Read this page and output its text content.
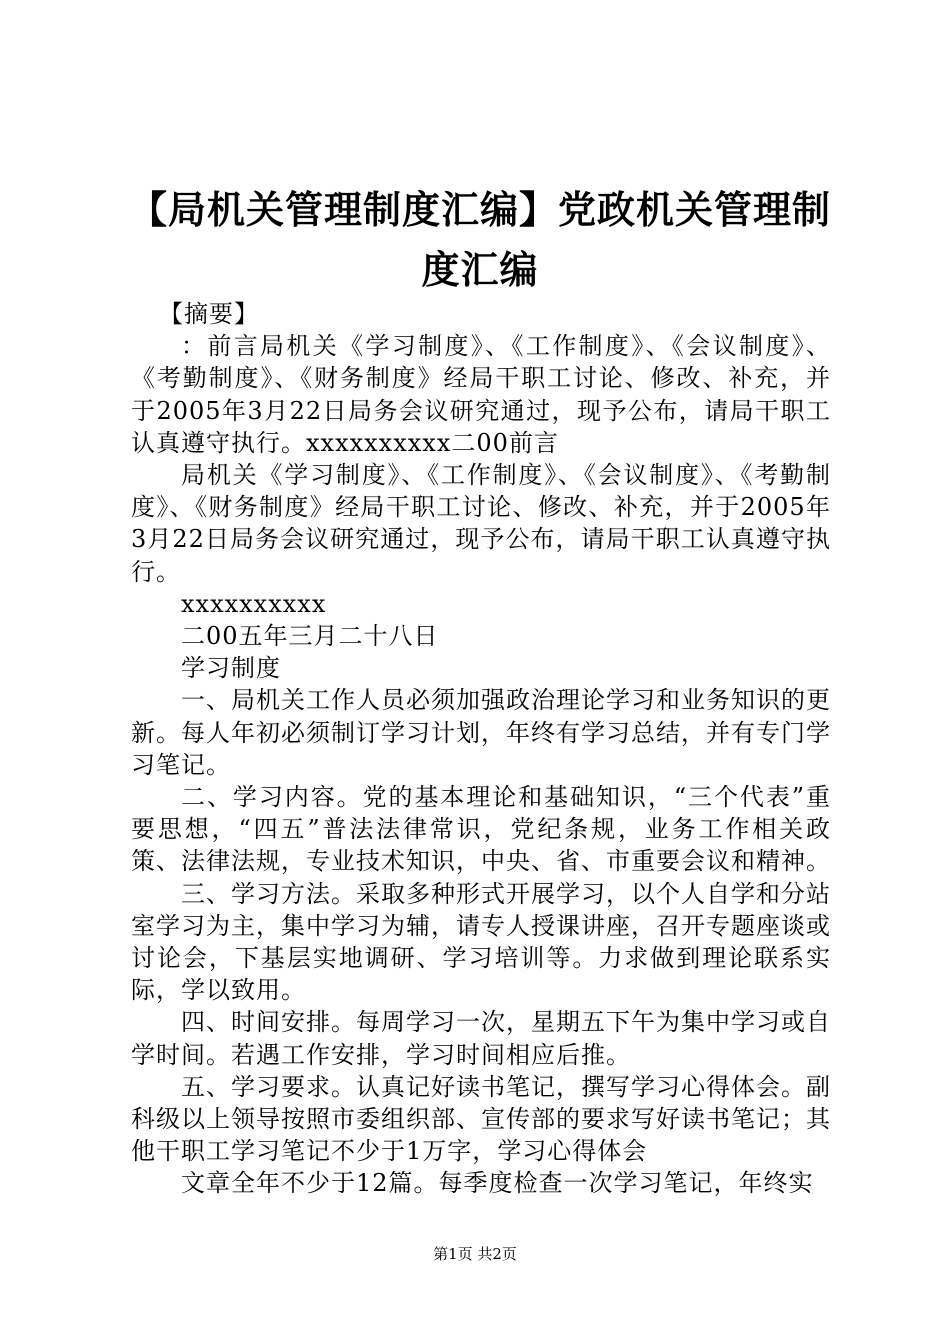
【局机关管理制度汇编】党政机关管理制度汇编

【摘要】

：前言局机关《学习制度》、《工作制度》、《会议制度》、《考勤制度》、《财务制度》经局干职工讨论、修改、补充，并于2005年3月22日局务会议研究通过，现予公布，请局干职工认真遵守执行。xxxxxxxxxx二00前言

局机关《学习制度》、《工作制度》、《会议制度》、《考勤制度》、《财务制度》经局干职工讨论、修改、补充，并于2005年3月22日局务会议研究通过，现予公布，请局干职工认真遵守执行。

xxxxxxxxxx

二00五年三月二十八日

学习制度

一、局机关工作人员必须加强政治理论学习和业务知识的更新。每人年初必须制订学习计划，年终有学习总结，并有专门学习笔记。

二、学习内容。党的基本理论和基础知识，“三个代表”重要思想，“四五”普法法律常识，党纪条规，业务工作相关政策、法律法规，专业技术知识，中央、省、市重要会议和精神。

三、学习方法。采取多种形式开展学习，以个人自学和分站室学习为主，集中学习为辅，请专人授课讲座，召开专题座谈或讨论会，下基层实地调研、学习培训等。力求做到理论联系实际，学以致用。

四、时间安排。每周学习一次，星期五下午为集中学习或自学时间。若遇工作安排，学习时间相应后推。

五、学习要求。认真记好读书笔记，撰写学习心得体会。副科级以上领导按照市委组织部、宣传部的要求写好读书笔记；其他干职工学习笔记不少于1万字，学习心得体会

文章全年不少于12篇。每季度检查一次学习笔记，年终实

第1页 共2页
